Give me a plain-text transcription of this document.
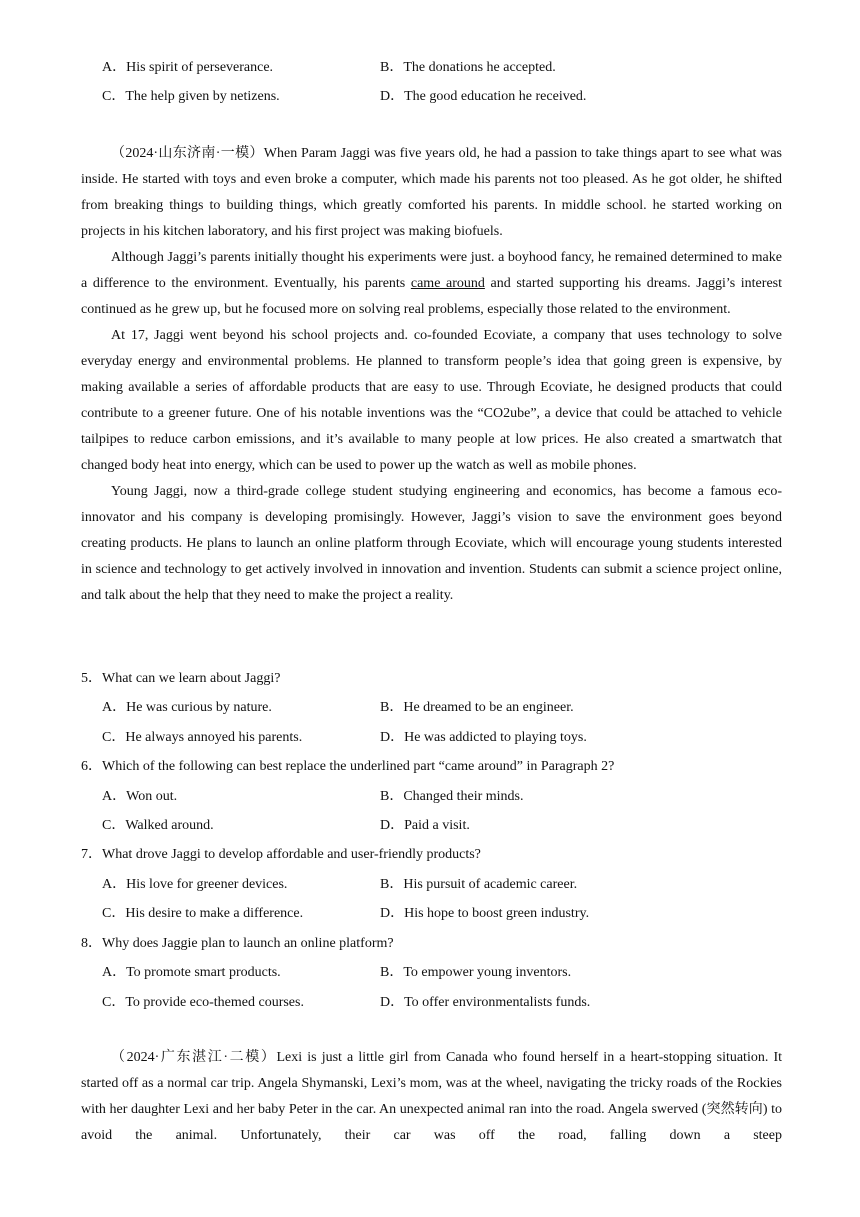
A．His spirit of perseverance.	B．The donations he accepted.
C．The help given by netizens.	D．The good education he received.

（2024·山东济南·一模）When Param Jaggi was five years old, he had a passion to take things apart to see what was inside. He started with toys and even broke a computer, which made his parents not too pleased. As he got older, he shifted from breaking things to building things, which greatly comforted his parents. In middle school. he started working on projects in his kitchen laboratory, and his first project was making biofuels.

Although Jaggi’s parents initially thought his experiments were just. a boyhood fancy, he remained determined to make a difference to the environment. Eventually, his parents came around and started supporting his dreams. Jaggi’s interest continued as he grew up, but he focused more on solving real problems, especially those related to the environment.

At 17, Jaggi went beyond his school projects and. co-founded Ecoviate, a company that uses technology to solve everyday energy and environmental problems. He planned to transform people’s idea that going green is expensive, by making available a series of affordable products that are easy to use. Through Ecoviate, he designed products that could contribute to a greener future. One of his notable inventions was the “CO2ube”, a device that could be attached to vehicle tailpipes to reduce carbon emissions, and it’s available to many people at low prices. He also created a smartwatch that changed body heat into energy, which can be used to power up the watch as well as mobile phones.

Young Jaggi, now a third-grade college student studying engineering and economics, has become a famous eco-innovator and his company is developing promisingly. However, Jaggi’s vision to save the environment goes beyond creating products. He plans to launch an online platform through Ecoviate, which will encourage young students interested in science and technology to get actively involved in innovation and invention. Students can submit a science project online, and talk about the help that they need to make the project a reality.

5．What can we learn about Jaggi?
A．He was curious by nature.	B．He dreamed to be an engineer.
C．He always annoyed his parents.	D．He was addicted to playing toys.
6．Which of the following can best replace the underlined part “came around” in Paragraph 2?
A．Won out.	B．Changed their minds.
C．Walked around.	D．Paid a visit.
7．What drove Jaggi to develop affordable and user-friendly products?
A．His love for greener devices.	B．His pursuit of academic career.
C．His desire to make a difference.	D．His hope to boost green industry.
8．Why does Jaggie plan to launch an online platform?
A．To promote smart products.	B．To empower young inventors.
C．To provide eco-themed courses.	D．To offer environmentalists funds.

（2024·广东湛江·二模）Lexi is just a little girl from Canada who found herself in a heart-stopping situation. It started off as a normal car trip. Angela Shymanski, Lexi’s mom, was at the wheel, navigating the tricky roads of the Rockies with her daughter Lexi and her baby Peter in the car. An unexpected animal ran into the road. Angela swerved (突然转向) to avoid the animal. Unfortunately, their car was off the road, falling down a steep
